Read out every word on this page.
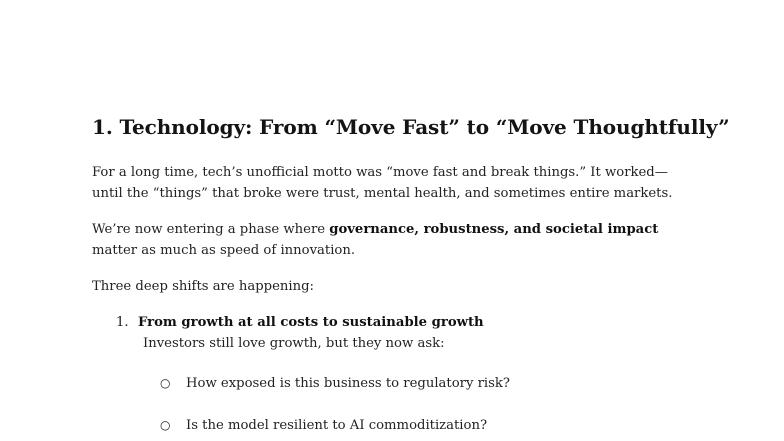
1. Technology: From “Move Fast” to “Move Thoughtfully”

For a long time, tech’s unofficial motto was “move fast and break things.” It worked—until the “things” that broke were trust, mental health, and sometimes entire markets.

We’re now entering a phase where governance, robustness, and societal impact matter as much as speed of innovation.

Three deep shifts are happening:

1. From growth at all costs to sustainable growth
Investors still love growth, but they now ask:
○ How exposed is this business to regulatory risk?
○ Is the model resilient to AI commoditization?
